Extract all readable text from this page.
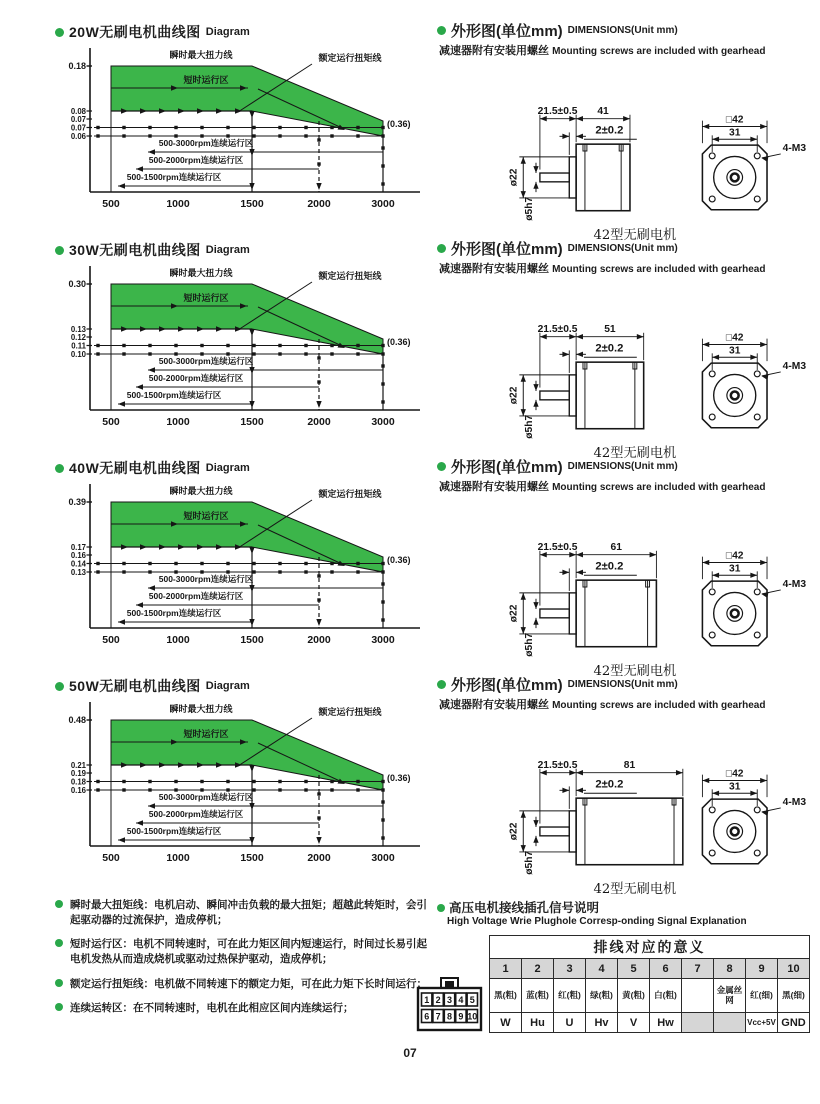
20W无刷电机曲线图 Diagram
瞬时最大扭力线
短时运行区
额定运行扭矩线
0.18
0.08
0.07
0.07
0.06
(0.36)
500	1000	1500	2000	3000
500-3000rpm连续运行区
500-2000rpm连续运行区
500-1500rpm连续运行区
30W无刷电机曲线图 Diagram
瞬时最大扭力线
短时运行区
额定运行扭矩线
0.30
0.13
0.12
0.11
0.10
(0.36)
500	1000	1500	2000	3000
500-3000rpm连续运行区
500-2000rpm连续运行区
500-1500rpm连续运行区
40W无刷电机曲线图 Diagram
瞬时最大扭力线
短时运行区
额定运行扭矩线
0.39
0.17
0.16
0.14
0.13
(0.36)
500	1000	1500	2000	3000
500-3000rpm连续运行区
500-2000rpm连续运行区
500-1500rpm连续运行区
50W无刷电机曲线图 Diagram
瞬时最大扭力线
短时运行区
额定运行扭矩线
0.48
0.21
0.19
0.18
0.16
(0.36)
500	1000	1500	2000	3000
500-3000rpm连续运行区
500-2000rpm连续运行区
500-1500rpm连续运行区
瞬时最大扭矩线：电机启动、瞬间冲击负载的最大扭矩；超越此转矩时，会引起驱动器的过流保护，造成停机；
短时运行区：电机不同转速时，可在此力矩区间内短速运行，时间过长易引起电机发热从而造成烧机或驱动过热保护驱动，造成停机；
额定运行扭矩线：电机做不同转速下的额定力矩，可在此力矩下长时间运行；
连续运转区：在不同转速时，电机在此相应区间内连续运行；
外形图(单位mm) DIMENSIONS(Unit mm)
减速器附有安装用螺丝 Mounting screws are included with gearhead
21.5±0.5 41
2±0.2
ø22
ø5h7
□42
31
4-M3
42型无刷电机
外形图(单位mm) DIMENSIONS(Unit mm)
减速器附有安装用螺丝 Mounting screws are included with gearhead
21.5±0.5	51
2±0.2
ø22
ø5h7
□42
31
4-M3
42型无刷电机
外形图(单位mm) DIMENSIONS(Unit mm)
减速器附有安装用螺丝 Mounting screws are included with gearhead
21.5±0.5	61
2±0.2
ø22
ø5h7
□42
31
4-M3
42型无刷电机
外形图(单位mm) DIMENSIONS(Unit mm)
减速器附有安装用螺丝 Mounting screws are included with gearhead
21.5±0.5	81
2±0.2
ø22
ø5h7
□42
31
4-M3
42型无刷电机
高压电机接线插孔信号说明
High Voltage Wrie Plughole Corresp-onding Signal Explanation
1 2 3 4 5
6 7 8 9 10
排线对应的意义									
1	2	3	4	5	6	7	8	9	10
黑(粗)	蓝(粗)	红(粗)	绿(粗)	黄(粗)	白(粗)		金属丝网	红(细)	黑(细)
W	Hu	U	Hv	V	Hw			Vcc+5V	GND
07
